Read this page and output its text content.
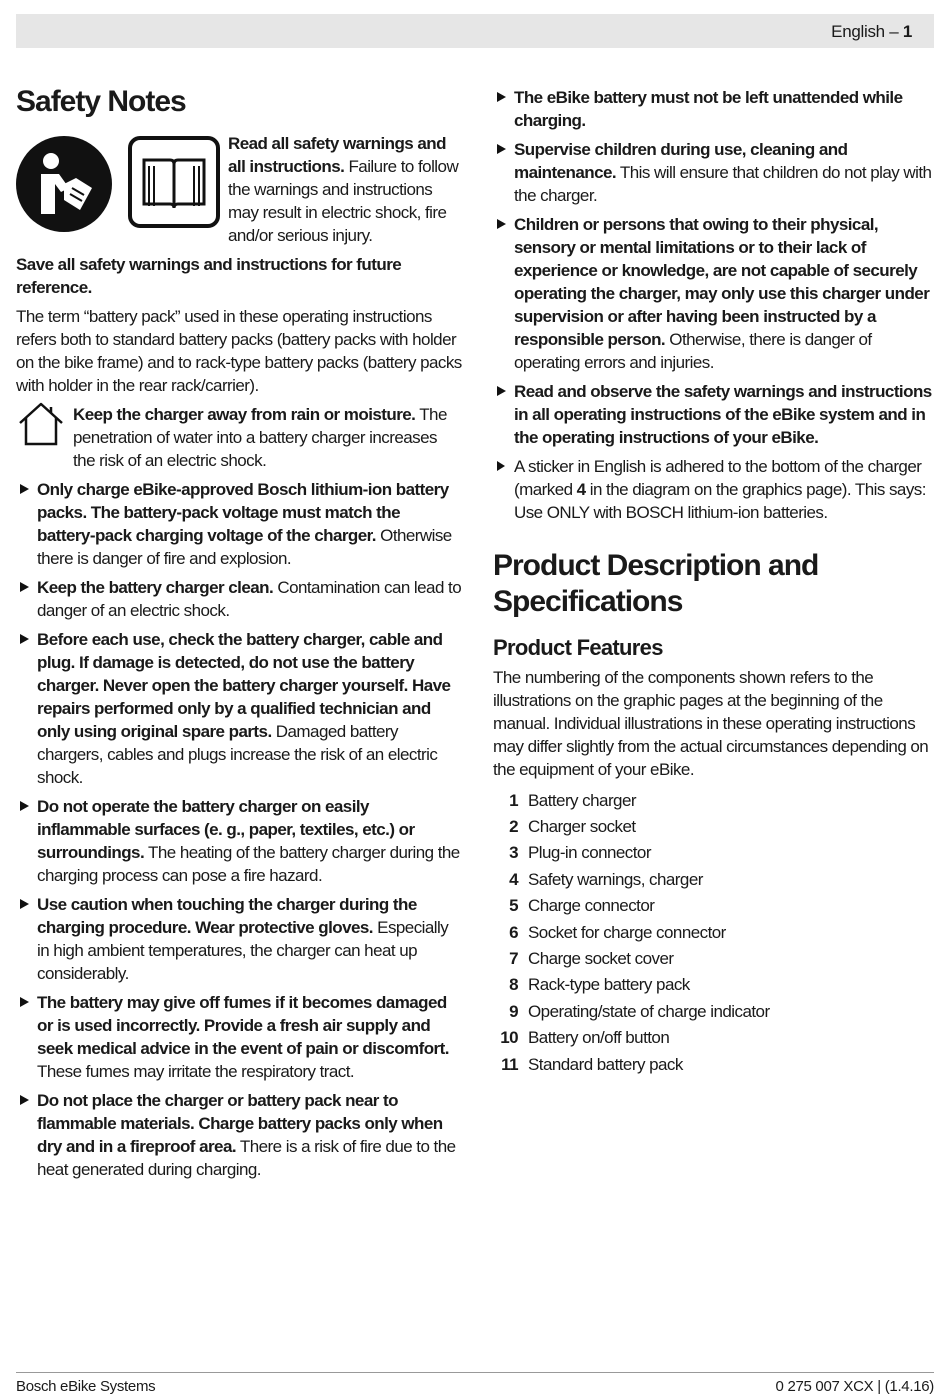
English – 1
Safety Notes

Read all safety warnings and all instructions. Failure to follow the warnings and instructions may result in electric shock, fire and/or serious injury.

Save all safety warnings and instructions for future reference.

The term “battery pack” used in these operating instructions refers both to standard battery packs (battery packs with holder on the bike frame) and to rack-type battery packs (battery packs with holder in the rear rack/carrier).

Keep the charger away from rain or moisture. The penetration of water into a battery charger increases the risk of an electric shock.

Only charge eBike-approved Bosch lithium-ion battery packs. The battery-pack voltage must match the battery-pack charging voltage of the charger. Otherwise there is danger of fire and explosion.
Keep the battery charger clean. Contamination can lead to danger of an electric shock.
Before each use, check the battery charger, cable and plug. If damage is detected, do not use the battery charger. Never open the battery charger yourself. Have repairs performed only by a qualified technician and only using original spare parts. Damaged battery chargers, cables and plugs increase the risk of an electric shock.
Do not operate the battery charger on easily inflammable surfaces (e. g., paper, textiles, etc.) or surroundings. The heating of the battery charger during the charging process can pose a fire hazard.
Use caution when touching the charger during the charging procedure. Wear protective gloves. Especially in high ambient temperatures, the charger can heat up considerably.
The battery may give off fumes if it becomes damaged or is used incorrectly. Provide a fresh air supply and seek medical advice in the event of pain or discomfort. These fumes may irritate the respiratory tract.
Do not place the charger or battery pack near to flammable materials. Charge battery packs only when dry and in a fireproof area. There is a risk of fire due to the heat generated during charging.
The eBike battery must not be left unattended while charging.
Supervise children during use, cleaning and maintenance. This will ensure that children do not play with the charger.
Children or persons that owing to their physical, sensory or mental limitations or to their lack of experience or knowledge, are not capable of securely operating the charger, may only use this charger under supervision or after having been instructed by a responsible person. Otherwise, there is danger of operating errors and injuries.
Read and observe the safety warnings and instructions in all operating instructions of the eBike system and in the operating instructions of your eBike.
A sticker in English is adhered to the bottom of the charger (marked 4 in the diagram on the graphics page). This says: Use ONLY with BOSCH lithium-ion batteries.
Product Description and Specifications
Product Features

The numbering of the components shown refers to the illustrations on the graphic pages at the beginning of the manual. Individual illustrations in these operating instructions may differ slightly from the actual circumstances depending on the equipment of your eBike.

1 Battery charger
2 Charger socket
3 Plug-in connector
4 Safety warnings, charger
5 Charge connector
6 Socket for charge connector
7 Charge socket cover
8 Rack-type battery pack
9 Operating/state of charge indicator
10 Battery on/off button
11 Standard battery pack
Bosch eBike Systems	0 275 007 XCX | (1.4.16)
